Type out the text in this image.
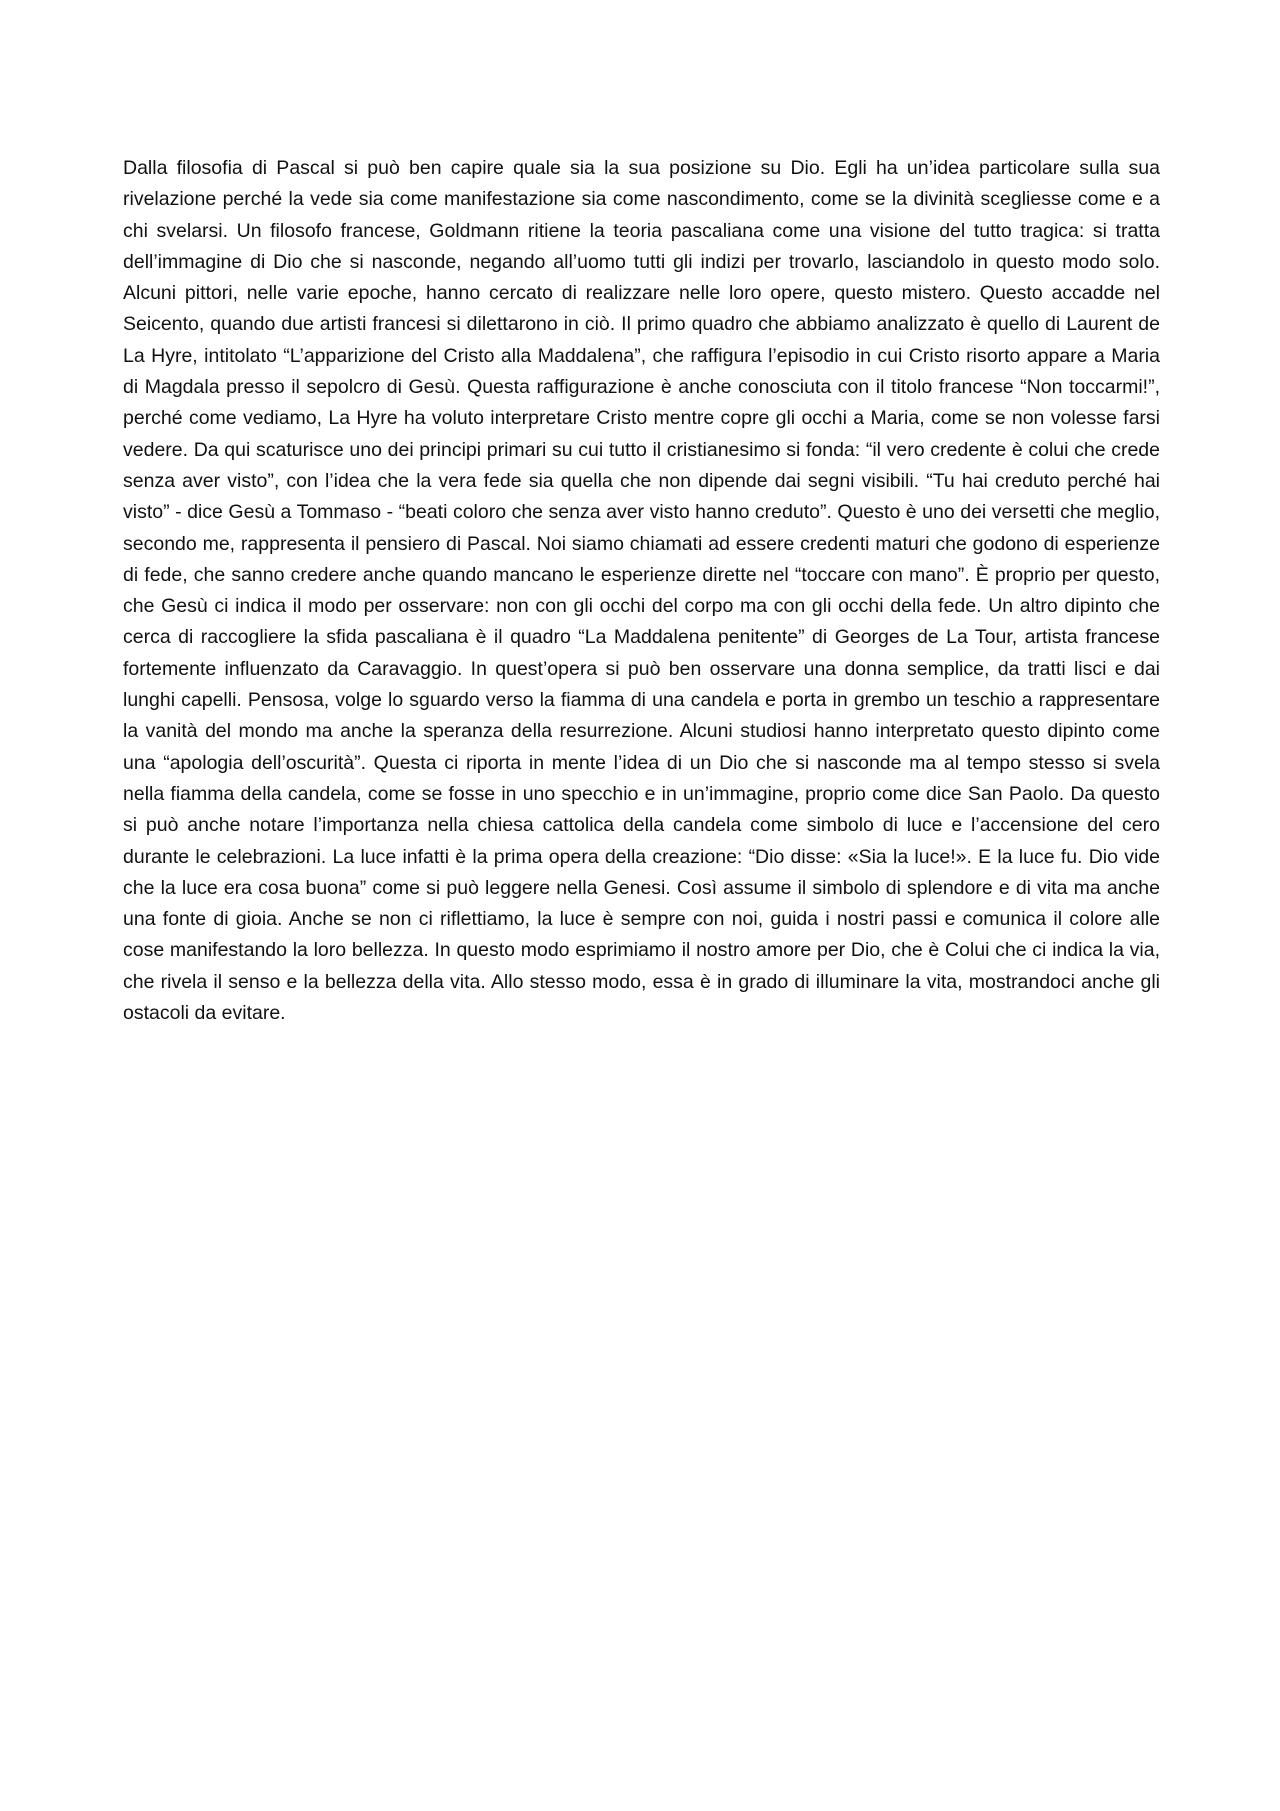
Dalla filosofia di Pascal si può ben capire quale sia la sua posizione su Dio. Egli ha un’idea particolare sulla sua rivelazione perché la vede sia come manifestazione sia come nascondimento, come se la divinità scegliesse come e a chi svelarsi. Un filosofo francese, Goldmann ritiene la teoria pascaliana come una visione del tutto tragica: si tratta dell’immagine di Dio che si nasconde, negando all’uomo tutti gli indizi per trovarlo, lasciandolo in questo modo solo. Alcuni pittori, nelle varie epoche, hanno cercato di realizzare nelle loro opere, questo mistero. Questo accadde nel Seicento, quando due artisti francesi si dilettarono in ciò. Il primo quadro che abbiamo analizzato è quello di Laurent de La Hyre, intitolato “L’apparizione del Cristo alla Maddalena”, che raffigura l’episodio in cui Cristo risorto appare a Maria di Magdala presso il sepolcro di Gesù. Questa raffigurazione è anche conosciuta con il titolo francese “Non toccarmi!”, perché come vediamo, La Hyre ha voluto interpretare Cristo mentre copre gli occhi a Maria, come se non volesse farsi vedere. Da qui scaturisce uno dei principi primari su cui tutto il cristianesimo si fonda: “il vero credente è colui che crede senza aver visto”, con l’idea che la vera fede sia quella che non dipende dai segni visibili. “Tu hai creduto perché hai visto” - dice Gesù a Tommaso - “beati coloro che senza aver visto hanno creduto”. Questo è uno dei versetti che meglio, secondo me, rappresenta il pensiero di Pascal. Noi siamo chiamati ad essere credenti maturi che godono di esperienze di fede, che sanno credere anche quando mancano le esperienze dirette nel “toccare con mano”. È proprio per questo, che Gesù ci indica il modo per osservare: non con gli occhi del corpo ma con gli occhi della fede. Un altro dipinto che cerca di raccogliere la sfida pascaliana è il quadro “La Maddalena penitente” di Georges de La Tour, artista francese fortemente influenzato da Caravaggio. In quest’opera si può ben osservare una donna semplice, da tratti lisci e dai lunghi capelli. Pensosa, volge lo sguardo verso la fiamma di una candela e porta in grembo un teschio a rappresentare la vanità del mondo ma anche la speranza della resurrezione. Alcuni studiosi hanno interpretato questo dipinto come una “apologia dell’oscurità”. Questa ci riporta in mente l’idea di un Dio che si nasconde ma al tempo stesso si svela nella fiamma della candela, come se fosse in uno specchio e in un’immagine, proprio come dice San Paolo. Da questo si può anche notare l’importanza nella chiesa cattolica della candela come simbolo di luce e l’accensione del cero durante le celebrazioni. La luce infatti è la prima opera della creazione: “Dio disse: «Sia la luce!». E la luce fu. Dio vide che la luce era cosa buona” come si può leggere nella Genesi. Così assume il simbolo di splendore e di vita ma anche una fonte di gioia. Anche se non ci riflettiamo, la luce è sempre con noi, guida i nostri passi e comunica il colore alle cose manifestando la loro bellezza. In questo modo esprimiamo il nostro amore per Dio, che è Colui che ci indica la via, che rivela il senso e la bellezza della vita. Allo stesso modo, essa è in grado di illuminare la vita, mostrandoci anche gli ostacoli da evitare.
